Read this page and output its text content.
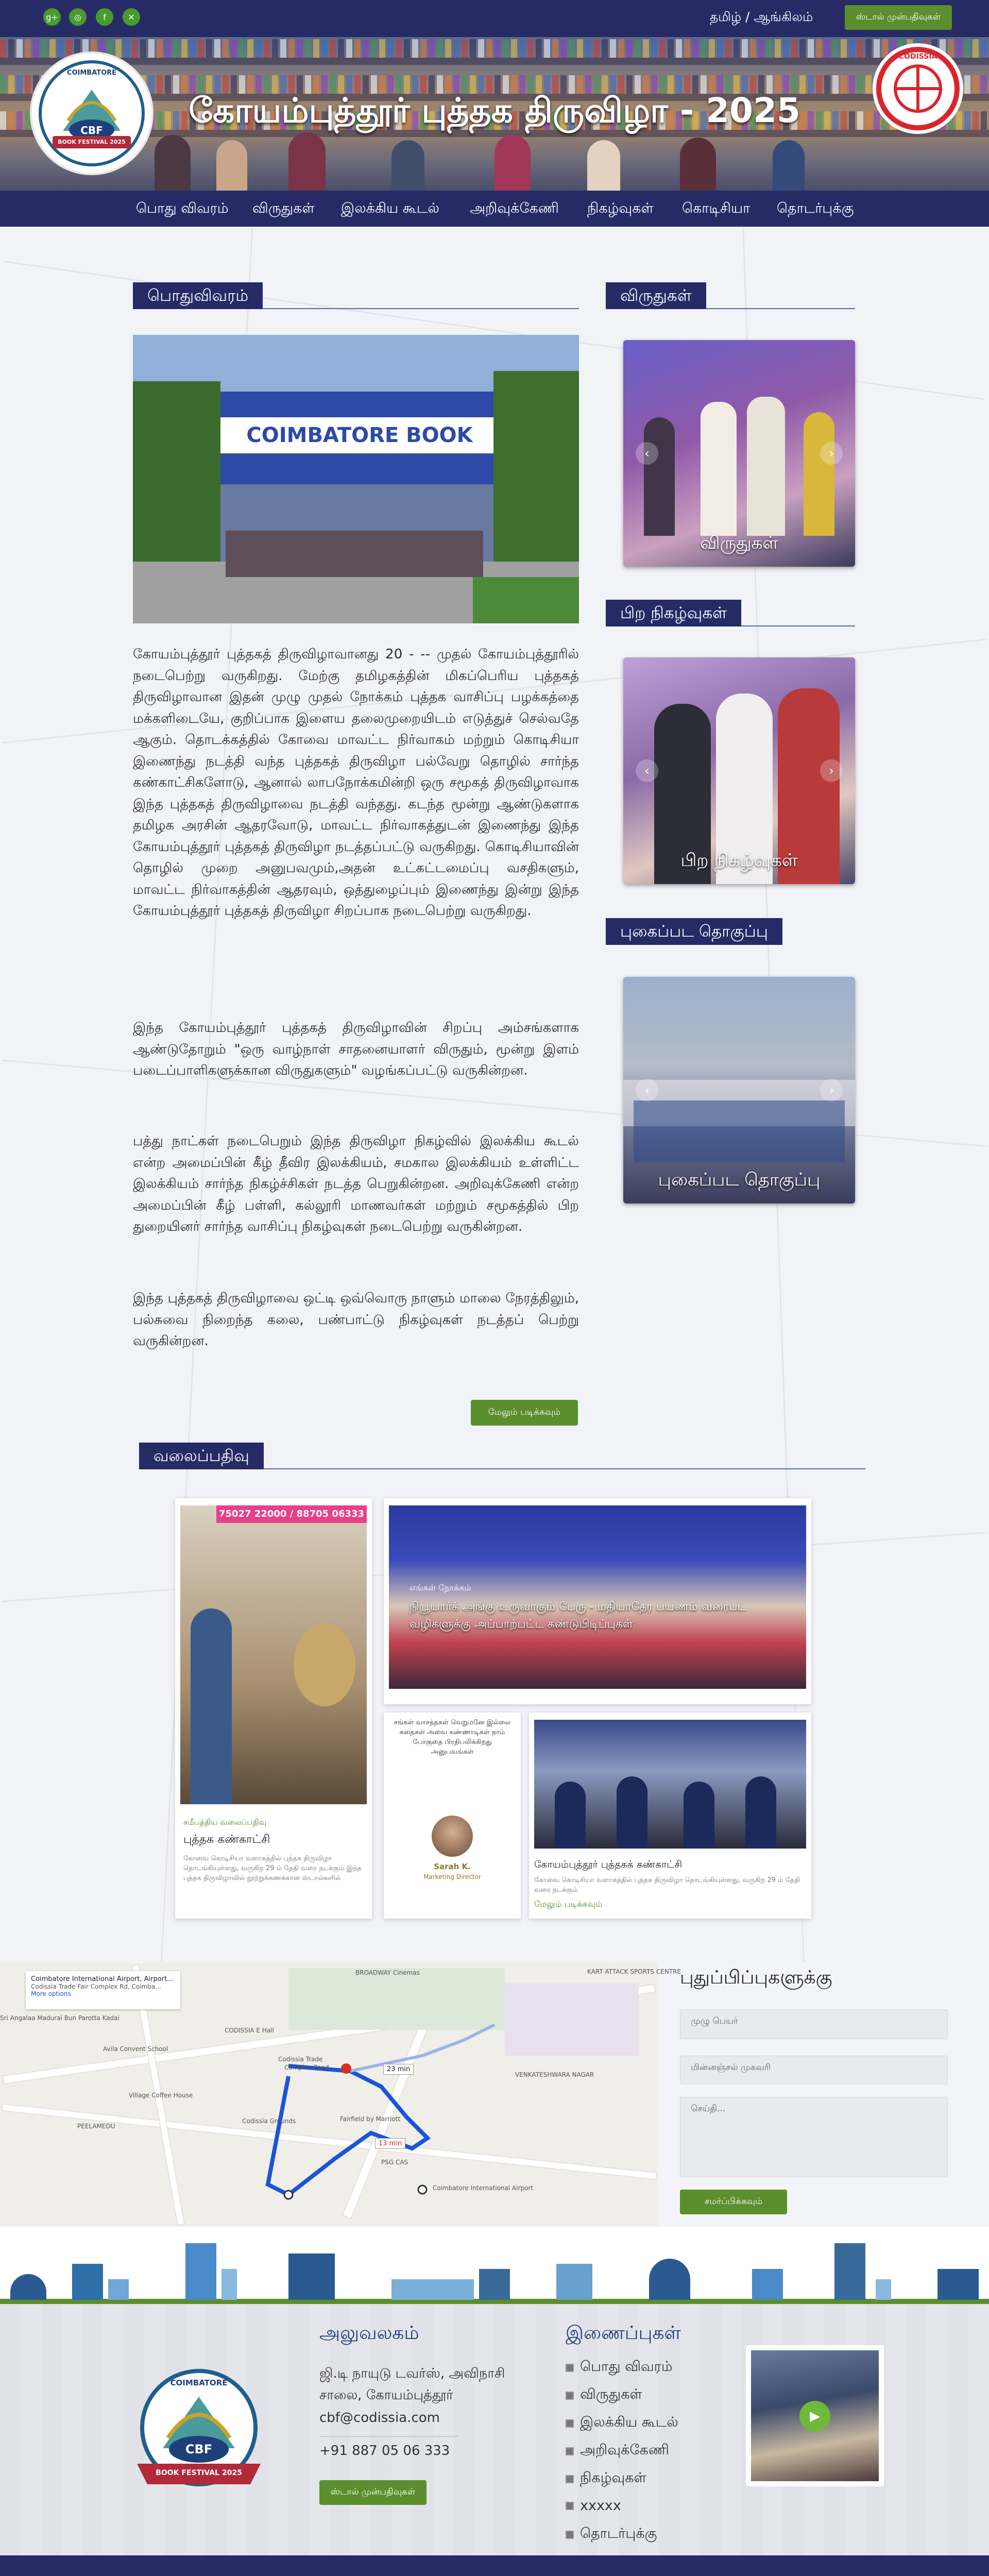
g+	◎	f	✕	தமிழ் / ஆங்கிலம்	ஸ்டால் முன்பதிவுகள்
கோயம்புத்தூர் புத்தக திருவிழா - 2025
COIMBATORE
CBF
BOOK FESTIVAL 2025
CODISSIA
பொது விவரம் விருதுகள் இலக்கிய கூடல் அறிவுக்கேணி நிகழ்வுகள் கொடிசியா தொடர்புக்கு
பொதுவிவரம்
COIMBATORE BOOK FESTIVAL
கோயம்புத்தூர் புத்தகத் திருவிழாவானது 20 - -- முதல் கோயம்புத்தூரில் நடைபெற்று வருகிறது. மேற்கு தமிழகத்தின் மிகப்பெரிய புத்தகத் திருவிழாவான இதன் முழு முதல் நோக்கம் புத்தக வாசிப்பு பழக்கத்தை மக்களிடையே, குறிப்பாக இளைய தலைமுறையிடம் எடுத்துச் செல்வதே ஆகும். தொடக்கத்தில் கோவை மாவட்ட நிர்வாகம் மற்றும் கொடிசியா இணைந்து நடத்தி வந்த புத்தகத் திருவிழா பல்வேறு தொழில் சார்ந்த கண்காட்சிகளோடு, ஆனால் லாபநோக்கமின்றி ஒரு சமூகத் திருவிழாவாக இந்த புத்தகத் திருவிழாவை நடத்தி வந்தது. கடந்த மூன்று ஆண்டுகளாக தமிழக அரசின் ஆதரவோடு, மாவட்ட நிர்வாகத்துடன் இணைந்து இந்த கோயம்புத்தூர் புத்தகத் திருவிழா நடத்தப்பட்டு வருகிறது. கொடிசியாவின் தொழில் முறை அனுபவமும்,அதன் உட்கட்டமைப்பு வசதிகளும், மாவட்ட நிர்வாகத்தின் ஆதரவும், ஒத்துழைப்பும் இணைந்து இன்று இந்த கோயம்புத்தூர் புத்தகத் திருவிழா சிறப்பாக நடைபெற்று வருகிறது.
இந்த கோயம்புத்தூர் புத்தகத் திருவிழாவின் சிறப்பு அம்சங்களாக ஆண்டுதோறும் "ஒரு வாழ்நாள் சாதனையாளர் விருதும், மூன்று இளம் படைப்பாளிகளுக்கான விருதுகளும்" வழங்கப்பட்டு வருகின்றன.
பத்து நாட்கள் நடைபெறும் இந்த திருவிழா நிகழ்வில் இலக்கிய கூடல் என்ற அமைப்பின் கீழ் தீவிர இலக்கியம், சமகால இலக்கியம் உள்ளிட்ட இலக்கியம் சார்ந்த நிகழ்ச்சிகள் நடத்த பெறுகின்றன. அறிவுக்கேணி என்ற அமைப்பின் கீழ் பள்ளி, கல்லூரி மாணவர்கள் மற்றும் சமூகத்தில் பிற துறையினர் சார்ந்த வாசிப்பு நிகழ்வுகள் நடைபெற்று வருகின்றன.
இந்த புத்தகத் திருவிழாவை ஒட்டி ஒவ்வொரு நாளும் மாலை நேரத்திலும், பல்சுவை நிறைந்த கலை, பண்பாட்டு நிகழ்வுகள் நடத்தப் பெற்று வருகின்றன.
மேலும் படிக்கவும்
விருதுகள்
‹	›
விருதுகள்
பிற நிகழ்வுகள்
‹	›
பிற நிகழ்வுகள்
புகைப்பட தொகுப்பு
‹	›
புகைப்பட தொகுப்பு
வலைப்பதிவு
75027 22000 / 88705 06333
சமீபத்திய வலைப்பதிவு
புத்தக கண்காட்சி
கோவை கொடிசியா வளாகத்தில் புத்தக திருவிழா தொடங்கியுள்ளது, வருகிற 29 ம் தேதி வரை நடக்கும் இந்த புத்தக திருவிழாவில் நூற்றுக்கணக்கான ஸ்டால்களில்
எங்கள் நோக்கம்
நியூயார்க் அங்கு உருவாகும் பேரு - மதியாதேர பயணம் வரைபட வழிகளுக்கு அப்பாற்பட்ட கண்டுபிடிப்புகள்
சங்கள் வாசத்தகள் வெறுமனே இல்லை கதைகள் அவை கண்ணாடிகள் நாம் போகுதை பிரதிபலிக்கிறது அனுபவங்கள்
Sarah K.
Marketing Director
கோயம்புத்தூர் புத்தகக் கண்காட்சி
கோவை கொடிசியா வளாகத்தில் புத்தக திருவிழா தொடங்கியுள்ளது, வருகிற 29 ம் தேதி வரை நடக்கும்
மேலும் படிக்கவும்
Coimbatore International Airport, Airport...
Codissia Trade Fair Complex Rd, Coimba...
More options
BROADWAY Cinemas	KART ATTACK SPORTS CENTRE
CODISSIA E Hall
Codissia Trade
Complex Road
Codissia Grounds
Avila Convent School
Fairfield by Marriott
PSG CAS
Coimbatore International Airport
PEELAMEDU
VENKATESHWARA NAGAR
Village Coffee House
Sri Angalaa Madurai Bun Parotta Kadai
23 min
13 min
புதுப்பிப்புகளுக்கு
முழு பெயர்
மின்னஞ்சல் முகவரி
செய்தி...
சமர்ப்பிக்கவும்
COIMBATORE
CBF
BOOK FESTIVAL 2025
அலுவலகம்
ஜி.டி நாயுடு டவர்ஸ், அவிநாசி
சாலை, கோயம்புத்தூர்
cbf@codissia.com
+91 887 05 06 333
ஸ்டால் முன்பதிவுகள்
இணைப்புகள்
பொது விவரம்
விருதுகள்
இலக்கிய கூடல்
அறிவுக்கேணி
நிகழ்வுகள்
xxxxx
தொடர்புக்கு
▶
